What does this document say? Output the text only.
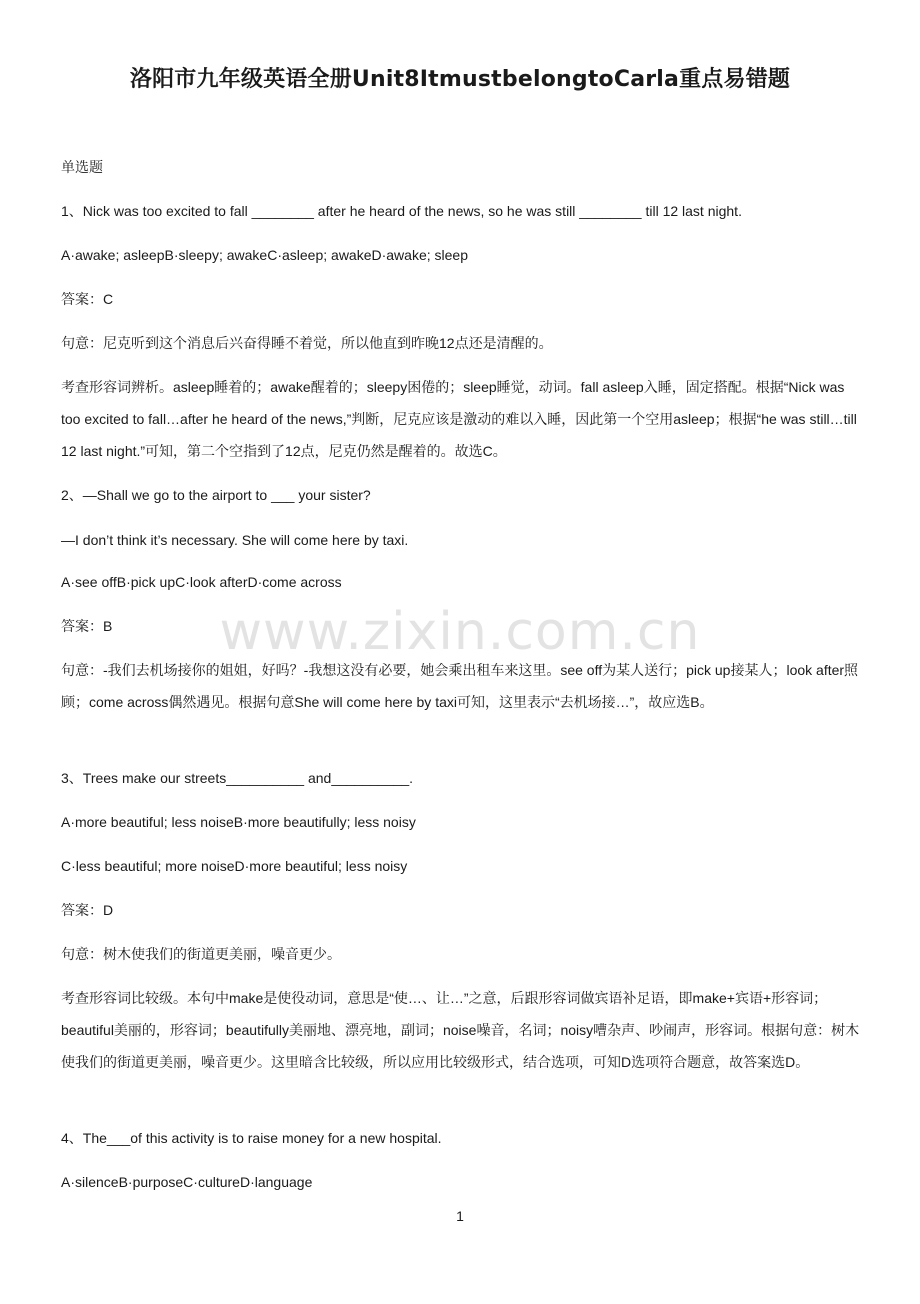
洛阳市九年级英语全册Unit8ItmustbelongtoCarla重点易错题
单选题
1、Nick was too excited to fall ________ after he heard of the news, so he was still ________ till 12 last night.
A·awake; asleepB·sleepy; awakeC·asleep; awakeD·awake; sleep
答案：C
句意：尼克听到这个消息后兴奋得睡不着觉，所以他直到昨晚12点还是清醒的。
考查形容词辨析。asleep睡着的；awake醒着的；sleepy困倦的；sleep睡觉，动词。fall asleep入睡，固定搭配。根据“Nick was too excited to fall…after he heard of the news,”判断，尼克应该是激动的难以入睡，因此第一个空用asleep；根据“he was still…till 12 last night.”可知，第二个空指到了12点，尼克仍然是醒着的。故选C。
2、—Shall we go to the airport to ___ your sister?
—I don’t think it’s necessary. She will come here by taxi.
A·see offB·pick upC·look afterD·come across
答案：B
句意：-我们去机场接你的姐姐，好吗？-我想这没有必要，她会乘出租车来这里。see off为某人送行；pick up接某人；look after照顾；come across偶然遇见。根据句意She will come here by taxi可知，这里表示“去机场接…”，故应选B。
3、Trees make our streets__________ and__________.
A·more beautiful; less noiseB·more beautifully; less noisy
C·less beautiful; more noiseD·more beautiful; less noisy
答案：D
句意：树木使我们的街道更美丽，噪音更少。
考查形容词比较级。本句中make是使役动词，意思是“使…、让…”之意，后跟形容词做宾语补足语，即make+宾语+形容词；beautiful美丽的，形容词；beautifully美丽地、漂亮地，副词；noise噪音，名词；noisy嘈杂声、吵闹声，形容词。根据句意：树木使我们的街道更美丽，噪音更少。这里暗含比较级，所以应用比较级形式，结合选项，可知D选项符合题意，故答案选D。
4、The___of this activity is to raise money for a new hospital.
A·silenceB·purposeC·cultureD·language
www.zixin.com.cn
1
